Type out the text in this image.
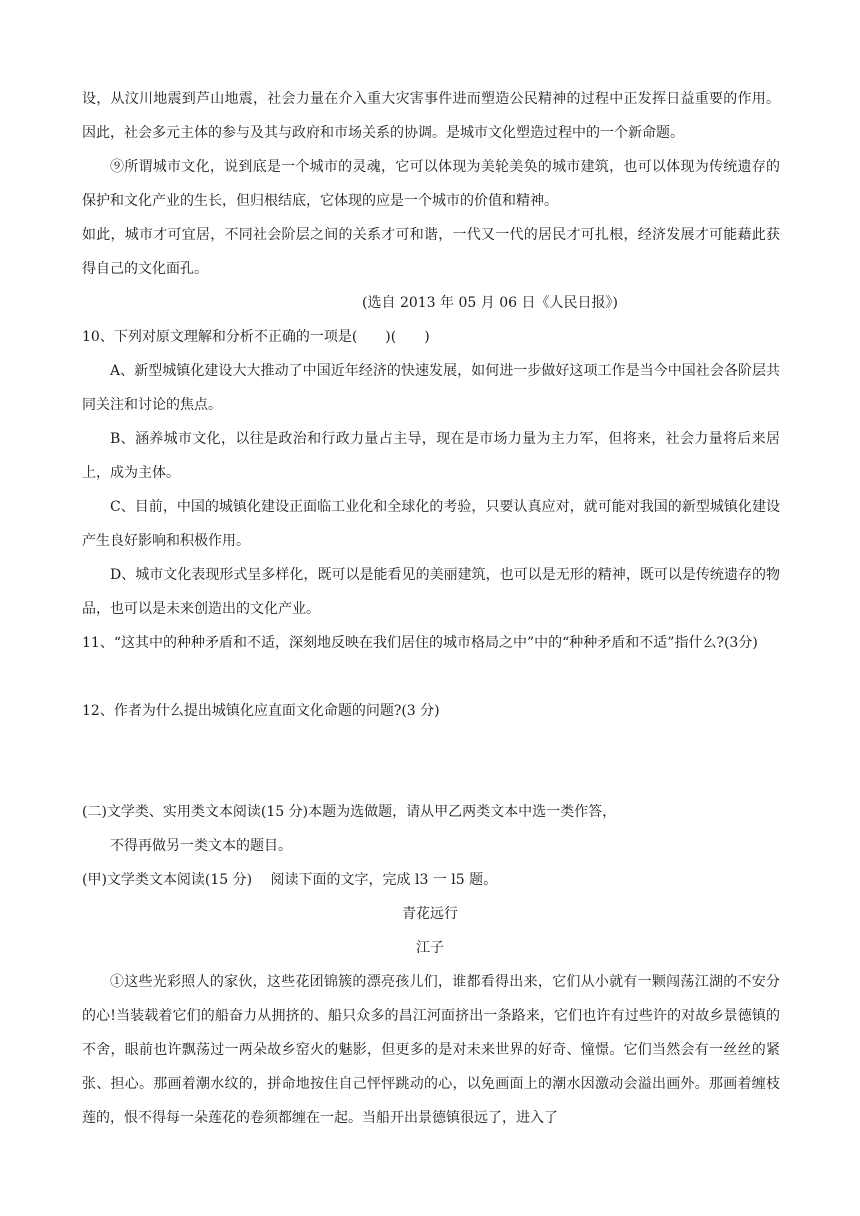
设，从汶川地震到芦山地震，社会力量在介入重大灾害事件进而塑造公民精神的过程中正发挥日益重要的作用。因此，社会多元主体的参与及其与政府和市场关系的协调。是城市文化塑造过程中的一个新命题。

⑨所谓城市文化，说到底是一个城市的灵魂，它可以体现为美轮美奂的城市建筑，也可以体现为传统遗存的保护和文化产业的生长，但归根结底，它体现的应是一个城市的价值和精神。

如此，城市才可宜居，不同社会阶层之间的关系才可和谐，一代又一代的居民才可扎根，经济发展才可能藉此获得自己的文化面孔。

(选自 2013 年 05 月 06 日《人民日报》)

10、下列对原文理解和分析不正确的一项是(　　)(　　)

A、新型城镇化建设大大推动了中国近年经济的快速发展，如何进一步做好这项工作是当今中国社会各阶层共同关注和讨论的焦点。

B、涵养城市文化，以往是政治和行政力量占主导，现在是市场力量为主力军，但将来，社会力量将后来居上，成为主体。

C、目前，中国的城镇化建设正面临工业化和全球化的考验，只要认真应对，就可能对我国的新型城镇化建设产生良好影响和积极作用。

D、城市文化表现形式呈多样化，既可以是能看见的美丽建筑，也可以是无形的精神，既可以是传统遗存的物品，也可以是未来创造出的文化产业。

11、“这其中的种种矛盾和不适，深刻地反映在我们居住的城市格局之中”中的“种种矛盾和不适”指什么?(3分)

12、作者为什么提出城镇化应直面文化命题的问题?(3 分)

(二)文学类、实用类文本阅读(15 分)本题为选做题，请从甲乙两类文本中选一类作答，

不得再做另一类文本的题目。

(甲)文学类文本阅读(15 分)　 阅读下面的文字，完成 l3 一 l5 题。

青花远行

江子

①这些光彩照人的家伙，这些花团锦簇的漂亮孩儿们，谁都看得出来，它们从小就有一颗闯荡江湖的不安分的心!当装载着它们的船奋力从拥挤的、船只众多的昌江河面挤出一条路来，它们也许有过些许的对故乡景德镇的不舍，眼前也许飘荡过一两朵故乡窑火的魅影，但更多的是对未来世界的好奇、憧憬。它们当然会有一丝丝的紧张、担心。那画着潮水纹的，拼命地按住自己怦怦跳动的心，以免画面上的潮水因激动会溢出画外。那画着缠枝莲的，恨不得每一朵莲花的卷须都缠在一起。当船开出景德镇很远了，进入了
